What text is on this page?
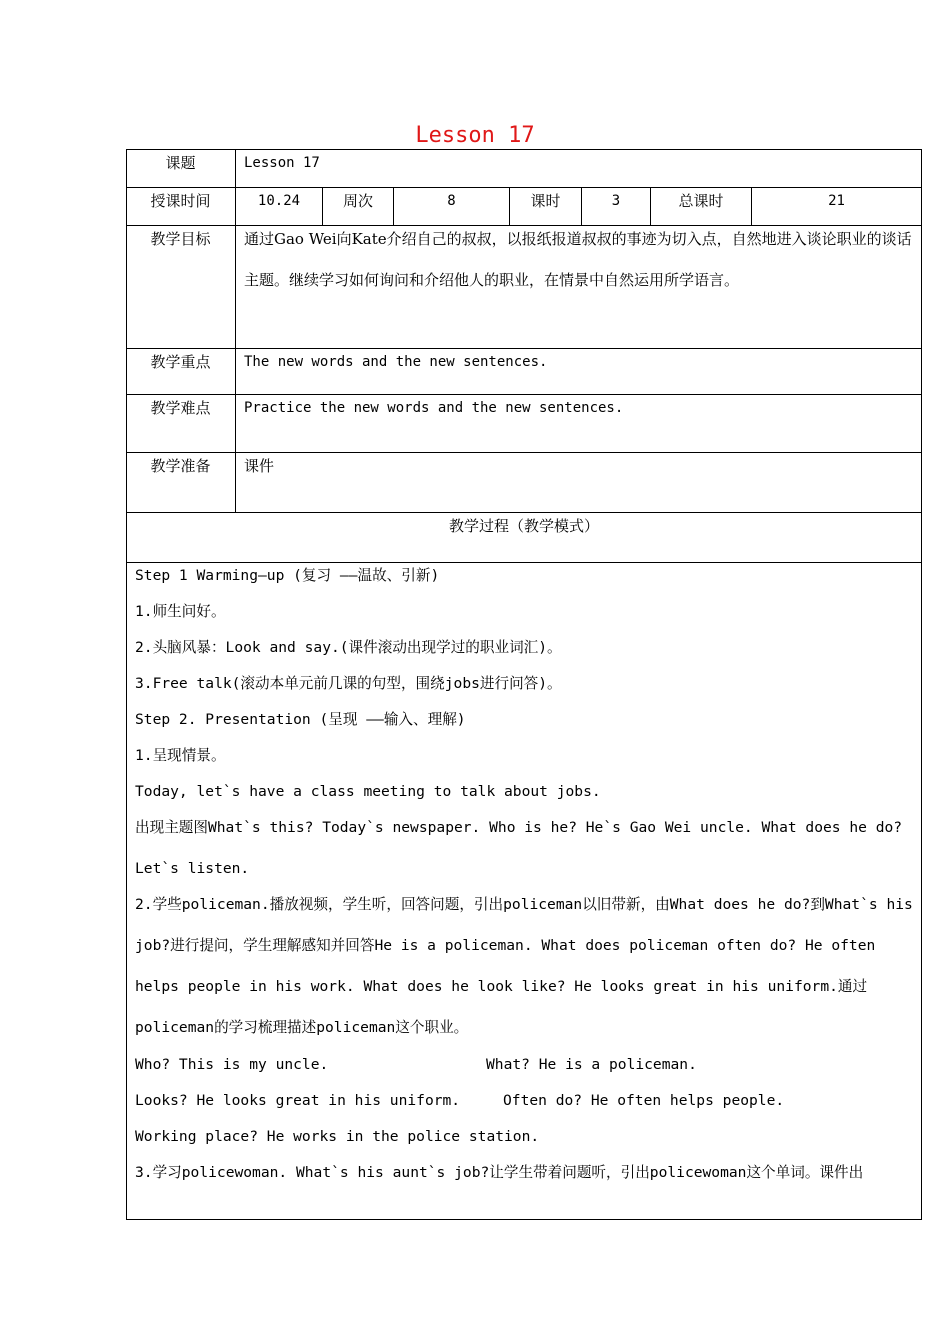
Lesson 17
课题	Lesson 17
授课时间	10.24	周次	8	课时	3	总课时	21
教学目标	通过Gao Wei向Kate介绍自己的叔叔，以报纸报道叔叔的事迹为切入点，自然地进入谈论职业的谈话主题。继续学习如何询问和介绍他人的职业，在情景中自然运用所学语言。
教学重点	The new words and the new sentences.
教学难点	Practice the new words and the new sentences.
教学准备	课件
教学过程（教学模式）
Step 1 Warming—up (复习 ——温故、引新)
1.师生问好。
2.头脑风暴：Look and say.(课件滚动出现学过的职业词汇)。
3.Free talk(滚动本单元前几课的句型，围绕jobs进行问答)。
Step 2. Presentation (呈现 ——输入、理解)
1.呈现情景。
Today, let`s have a class meeting to talk about jobs.
出现主题图What`s this? Today`s newspaper. Who is he? He`s Gao Wei uncle. What does he do? Let`s listen.
2.学些policeman.播放视频，学生听，回答问题，引出policeman以旧带新，由What does he do?到What`s his job?进行提问，学生理解感知并回答He is a policeman. What does policeman often do? He often helps people in his work. What does he look like? He looks great in his uniform.通过policeman的学习梳理描述policeman这个职业。
Who? This is my uncle.	What? He is a policeman.
Looks? He looks great in his uniform.	Often do? He often helps people.
Working place? He works in the police station.
3.学习policewoman. What`s his aunt`s job?让学生带着问题听，引出policewoman这个单词。课件出
